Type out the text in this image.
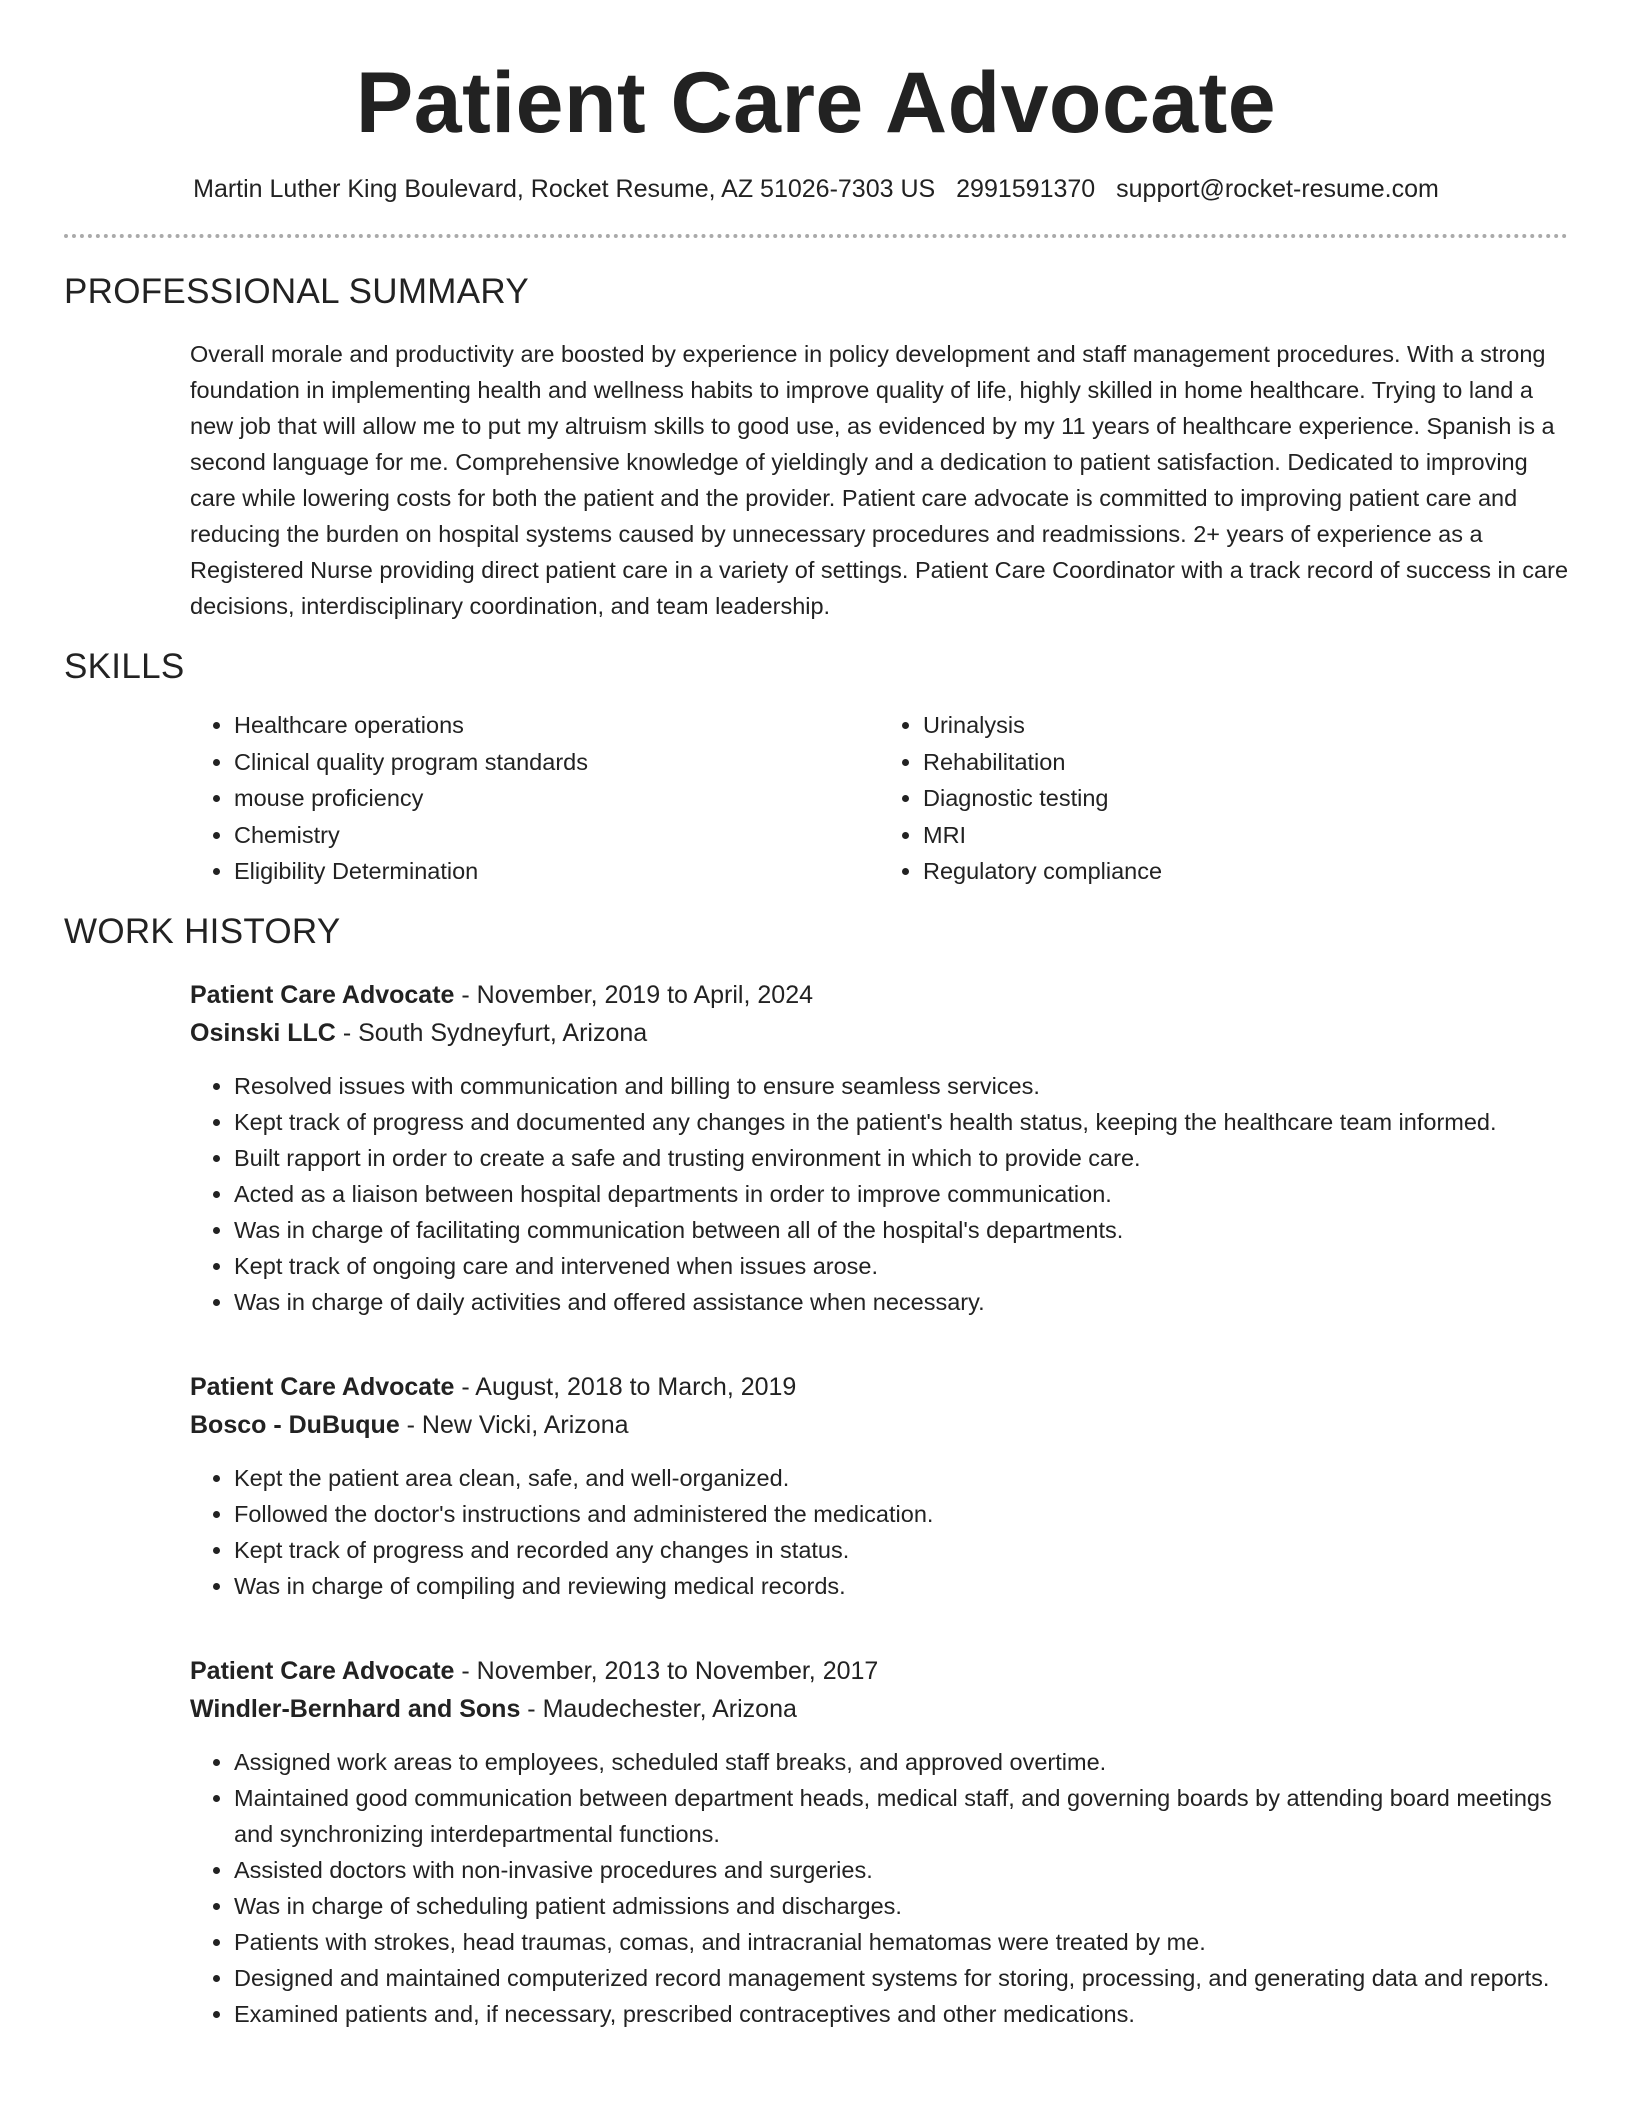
Patient Care Advocate
Martin Luther King Boulevard, Rocket Resume, AZ 51026-7303 US 2991591370 support@rocket-resume.com
PROFESSIONAL SUMMARY

Overall morale and productivity are boosted by experience in policy development and staff management procedures. With a strong foundation in implementing health and wellness habits to improve quality of life, highly skilled in home healthcare. Trying to land a new job that will allow me to put my altruism skills to good use, as evidenced by my 11 years of healthcare experience. Spanish is a second language for me. Comprehensive knowledge of yieldingly and a dedication to patient satisfaction. Dedicated to improving care while lowering costs for both the patient and the provider. Patient care advocate is committed to improving patient care and reducing the burden on hospital systems caused by unnecessary procedures and readmissions. 2+ years of experience as a Registered Nurse providing direct patient care in a variety of settings. Patient Care Coordinator with a track record of success in care decisions, interdisciplinary coordination, and team leadership.

SKILLS
• Healthcare operations
• Clinical quality program standards
• mouse proficiency
• Chemistry
• Eligibility Determination
• Urinalysis
• Rehabilitation
• Diagnostic testing
• MRI
• Regulatory compliance
WORK HISTORY
Patient Care Advocate - November, 2019 to April, 2024
Osinski LLC - South Sydneyfurt, Arizona
• Resolved issues with communication and billing to ensure seamless services.
• Kept track of progress and documented any changes in the patient's health status, keeping the healthcare team informed.
• Built rapport in order to create a safe and trusting environment in which to provide care.
• Acted as a liaison between hospital departments in order to improve communication.
• Was in charge of facilitating communication between all of the hospital's departments.
• Kept track of ongoing care and intervened when issues arose.
• Was in charge of daily activities and offered assistance when necessary.
Patient Care Advocate - August, 2018 to March, 2019
Bosco - DuBuque - New Vicki, Arizona
• Kept the patient area clean, safe, and well-organized.
• Followed the doctor's instructions and administered the medication.
• Kept track of progress and recorded any changes in status.
• Was in charge of compiling and reviewing medical records.
Patient Care Advocate - November, 2013 to November, 2017
Windler-Bernhard and Sons - Maudechester, Arizona
• Assigned work areas to employees, scheduled staff breaks, and approved overtime.
• Maintained good communication between department heads, medical staff, and governing boards by attending board meetings and synchronizing interdepartmental functions.
• Assisted doctors with non-invasive procedures and surgeries.
• Was in charge of scheduling patient admissions and discharges.
• Patients with strokes, head traumas, comas, and intracranial hematomas were treated by me.
• Designed and maintained computerized record management systems for storing, processing, and generating data and reports.
• Examined patients and, if necessary, prescribed contraceptives and other medications.
